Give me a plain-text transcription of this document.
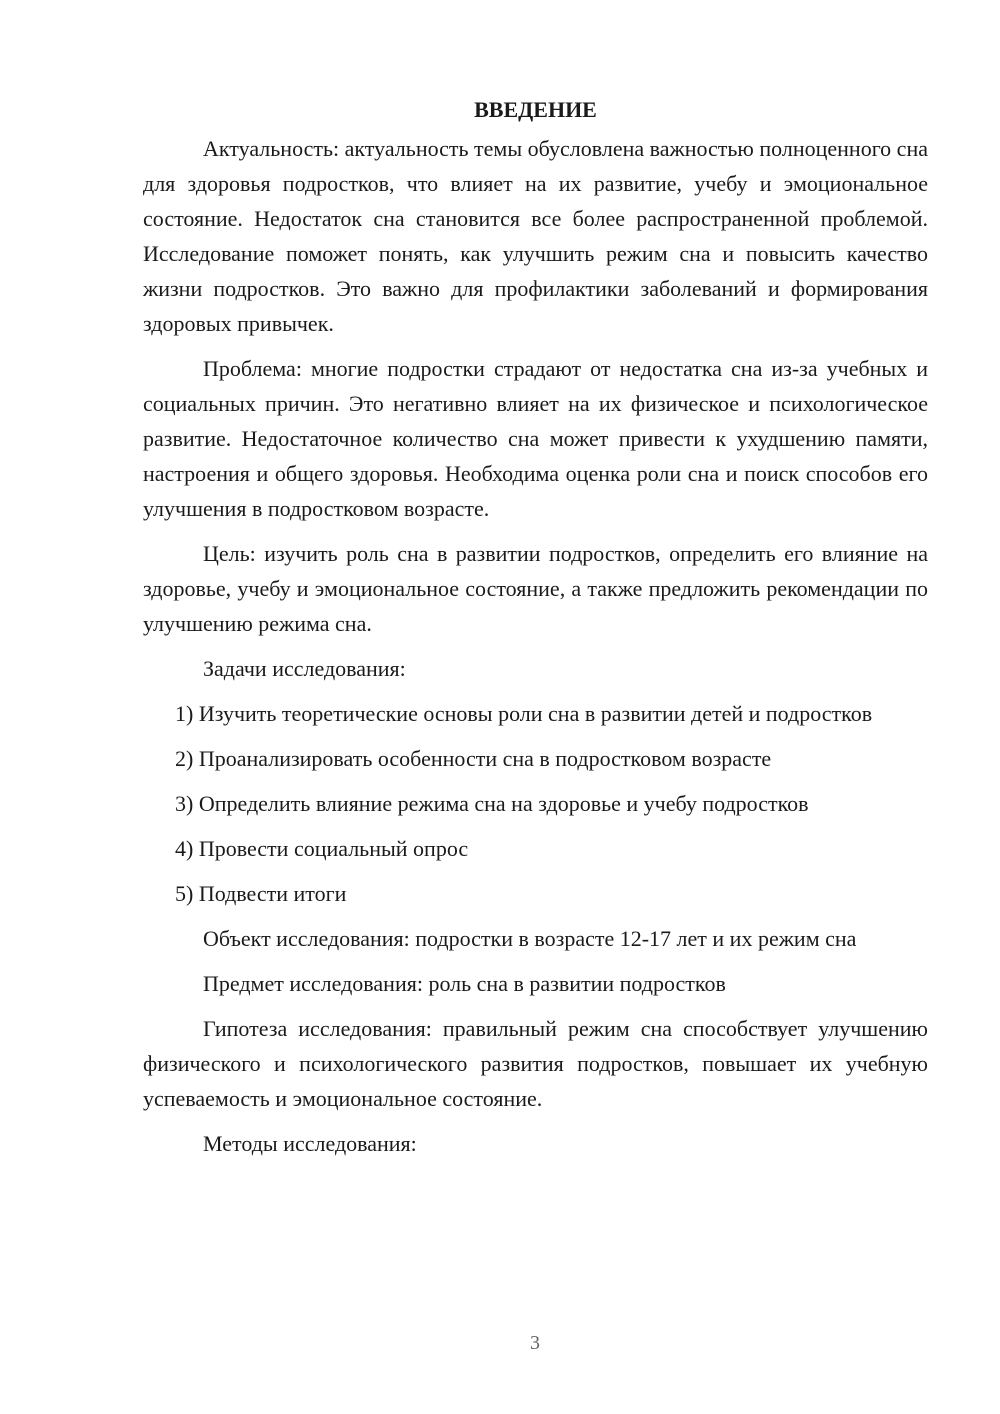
ВВЕДЕНИЕ

Актуальность: актуальность темы обусловлена важностью полноценного сна для здоровья подростков, что влияет на их развитие, учебу и эмоциональное состояние. Недостаток сна становится все более распространенной проблемой. Исследование поможет понять, как улучшить режим сна и повысить качество жизни подростков. Это важно для профилактики заболеваний и формирования здоровых привычек.

Проблема: многие подростки страдают от недостатка сна из-за учебных и социальных причин. Это негативно влияет на их физическое и психологическое развитие. Недостаточное количество сна может привести к ухудшению памяти, настроения и общего здоровья. Необходима оценка роли сна и поиск способов его улучшения в подростковом возрасте.

Цель: изучить роль сна в развитии подростков, определить его влияние на здоровье, учебу и эмоциональное состояние, а также предложить рекомендации по улучшению режима сна.

Задачи исследования:

1) Изучить теоретические основы роли сна в развитии детей и подростков

2) Проанализировать особенности сна в подростковом возрасте

3) Определить влияние режима сна на здоровье и учебу подростков

4) Провести социальный опрос

5) Подвести итоги

Объект исследования: подростки в возрасте 12-17 лет и их режим сна

Предмет исследования: роль сна в развитии подростков

Гипотеза исследования: правильный режим сна способствует улучшению физического и психологического развития подростков, повышает их учебную успеваемость и эмоциональное состояние.

Методы исследования:

3
